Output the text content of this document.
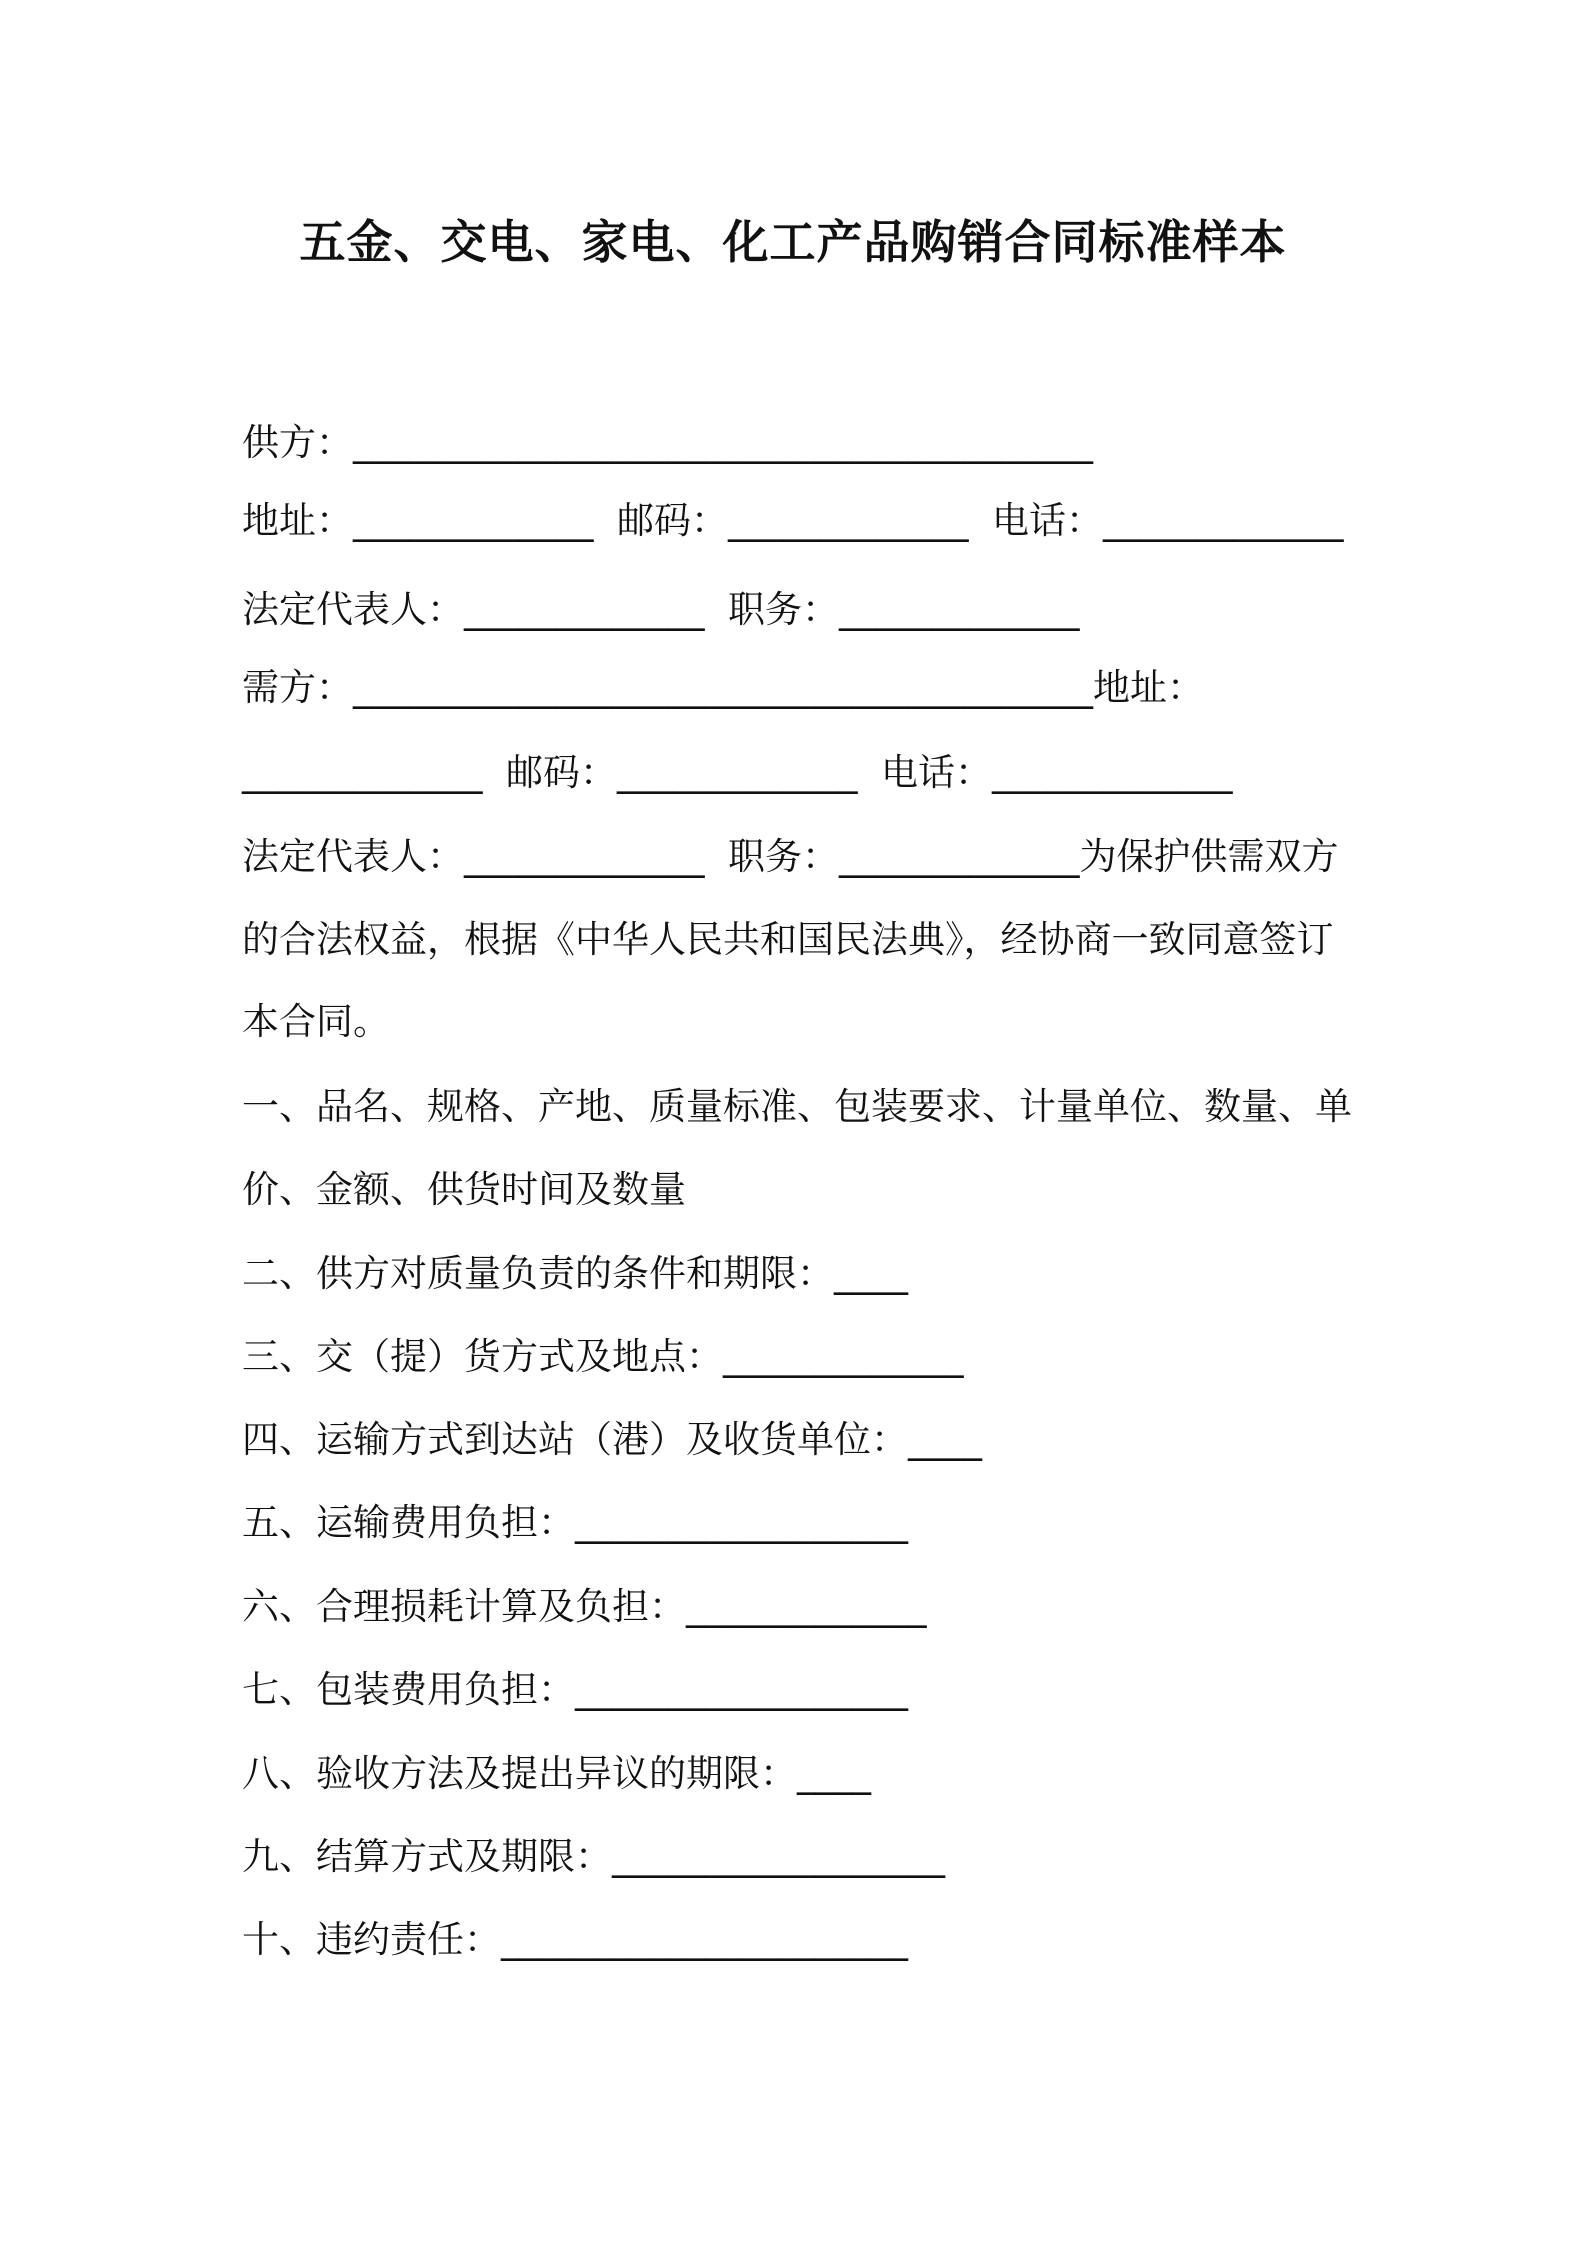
五金、交电、家电、化工产品购销合同标准样本

供方：________________________________________

地址：_____________  邮码：_____________  电话：_____________

法定代表人：_____________  职务：_____________

需方：________________________________________地址：

_____________  邮码：_____________  电话：_____________

法定代表人：_____________  职务：_____________为保护供需双方

的合法权益，根据《中华人民共和国民法典》，经协商一致同意签订

本合同。

一、品名、规格、产地、质量标准、包装要求、计量单位、数量、单

价、金额、供货时间及数量

二、供方对质量负责的条件和期限：____

三、交（提）货方式及地点：_____________

四、运输方式到达站（港）及收货单位：____

五、运输费用负担：__________________

六、合理损耗计算及负担：_____________

七、包装费用负担：__________________

八、验收方法及提出异议的期限：____

九、结算方式及期限：__________________

十、违约责任：______________________
